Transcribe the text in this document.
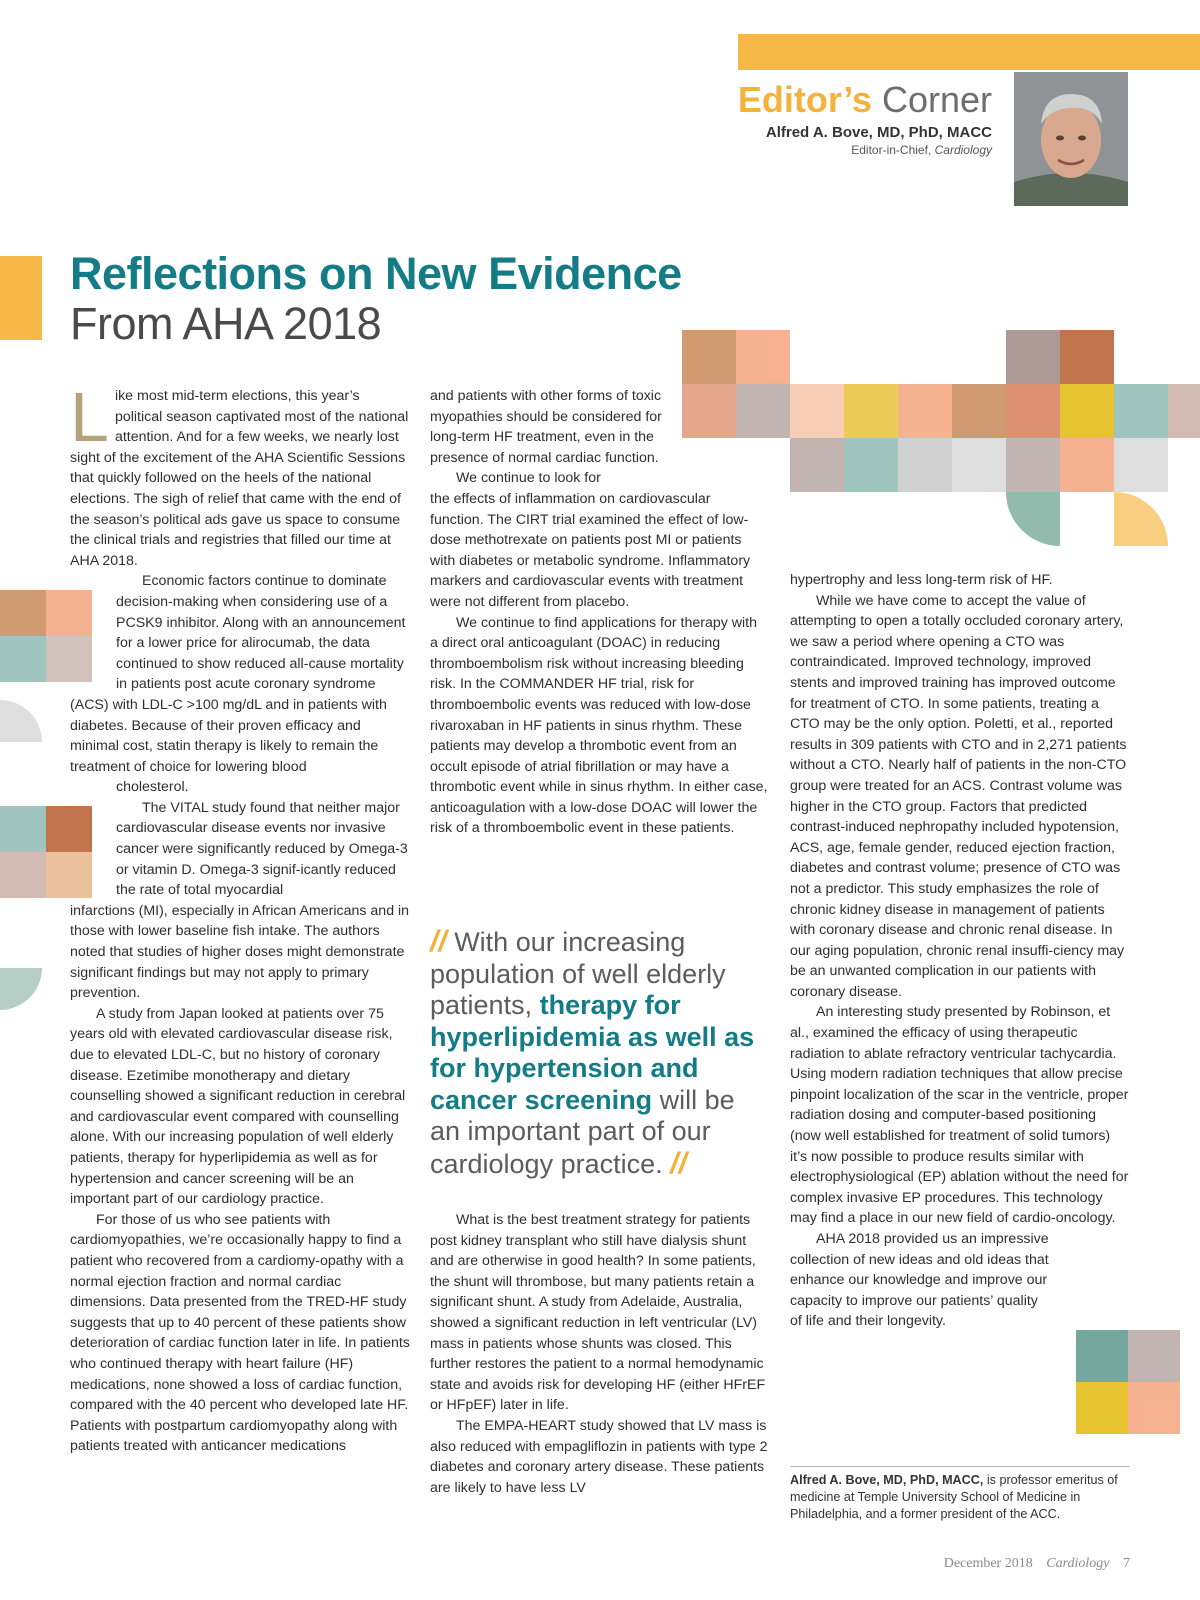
Editor’s Corner
Alfred A. Bove, MD, PhD, MACC
Editor-in-Chief, Cardiology
Reflections on New Evidence
From AHA 2018

Like most mid-term elections, this year’s political season captivated most of the national attention. And for a few weeks, we nearly lost sight of the excitement of the AHA Scientific Sessions that quickly followed on the heels of the national elections. The sigh of relief that came with the end of the season’s political ads gave us space to consume the clinical trials and registries that filled our time at AHA 2018.

Economic factors continue to dominate decision-making when considering use of a PCSK9 inhibitor. Along with an announcement for a lower price for alirocumab, the data continued to show reduced all-cause mortality in patients post acute coronary syndrome

(ACS) with LDL-C >100 mg/dL and in patients with diabetes. Because of their proven efficacy and minimal cost, statin therapy is likely to remain the treatment of choice for lowering blood

cholesterol.

The VITAL study found that neither major cardiovascular disease events nor invasive cancer were significantly reduced by Omega-3 or vitamin D. Omega-3 signif-icantly reduced the rate of total myocardial

infarctions (MI), especially in African Americans and in those with lower baseline fish intake. The authors noted that studies of higher doses might demonstrate significant findings but may not apply to primary prevention.

A study from Japan looked at patients over 75 years old with elevated cardiovascular disease risk, due to elevated LDL-C, but no history of coronary disease. Ezetimibe monotherapy and dietary counselling showed a significant reduction in cerebral and cardiovascular event compared with counselling alone. With our increasing population of well elderly patients, therapy for hyperlipidemia as well as for hypertension and cancer screening will be an important part of our cardiology practice.

For those of us who see patients with cardiomyopathies, we’re occasionally happy to find a patient who recovered from a cardiomy-opathy with a normal ejection fraction and normal cardiac dimensions. Data presented from the TRED-HF study suggests that up to 40 percent of these patients show deterioration of cardiac function later in life. In patients who continued therapy with heart failure (HF) medications, none showed a loss of cardiac function, compared with the 40 percent who developed late HF. Patients with postpartum cardiomyopathy along with patients treated with anticancer medications

and patients with other forms of toxic myopathies should be considered for long-term HF treatment, even in the presence of normal cardiac function.

We continue to look for

the effects of inflammation on cardiovascular function. The CIRT trial examined the effect of low-dose methotrexate on patients post MI or patients with diabetes or metabolic syndrome. Inflammatory markers and cardiovascular events with treatment were not different from placebo.

We continue to find applications for therapy with a direct oral anticoagulant (DOAC) in reducing thromboembolism risk without increasing bleeding risk. In the COMMANDER HF trial, risk for thromboembolic events was reduced with low-dose rivaroxaban in HF patients in sinus rhythm. These patients may develop a thrombotic event from an occult episode of atrial fibrillation or may have a thrombotic event while in sinus rhythm. In either case, anticoagulation with a low-dose DOAC will lower the risk of a thromboembolic event in these patients.

// With our increasing population of well elderly patients, therapy for hyperlipidemia as well as for hypertension and cancer screening will be an important part of our cardiology practice. //

What is the best treatment strategy for patients post kidney transplant who still have dialysis shunt and are otherwise in good health? In some patients, the shunt will thrombose, but many patients retain a significant shunt. A study from Adelaide, Australia, showed a significant reduction in left ventricular (LV) mass in patients whose shunts was closed. This further restores the patient to a normal hemodynamic state and avoids risk for developing HF (either HFrEF or HFpEF) later in life.

The EMPA-HEART study showed that LV mass is also reduced with empagliflozin in patients with type 2 diabetes and coronary artery disease. These patients are likely to have less LV

hypertrophy and less long-term risk of HF.

While we have come to accept the value of attempting to open a totally occluded coronary artery, we saw a period where opening a CTO was contraindicated. Improved technology, improved stents and improved training has improved outcome for treatment of CTO. In some patients, treating a CTO may be the only option. Poletti, et al., reported results in 309 patients with CTO and in 2,271 patients without a CTO. Nearly half of patients in the non-CTO group were treated for an ACS. Contrast volume was higher in the CTO group. Factors that predicted contrast-induced nephropathy included hypotension, ACS, age, female gender, reduced ejection fraction, diabetes and contrast volume; presence of CTO was not a predictor. This study emphasizes the role of chronic kidney disease in management of patients with coronary disease and chronic renal disease. In our aging population, chronic renal insuffi-ciency may be an unwanted complication in our patients with coronary disease.

An interesting study presented by Robinson, et al., examined the efficacy of using therapeutic radiation to ablate refractory ventricular tachycardia. Using modern radiation techniques that allow precise pinpoint localization of the scar in the ventricle, proper radiation dosing and computer-based positioning (now well established for treatment of solid tumors) it’s now possible to produce results similar with electrophysiological (EP) ablation without the need for complex invasive EP procedures. This technology may find a place in our new field of cardio-oncology.

AHA 2018 provided us an impressive collection of new ideas and old ideas that enhance our knowledge and improve our capacity to improve our patients’ quality of life and their longevity.

Alfred A. Bove, MD, PhD, MACC, is professor emeritus of medicine at Temple University School of Medicine in Philadelphia, and a former president of the ACC.
December 2018 Cardiology 7
